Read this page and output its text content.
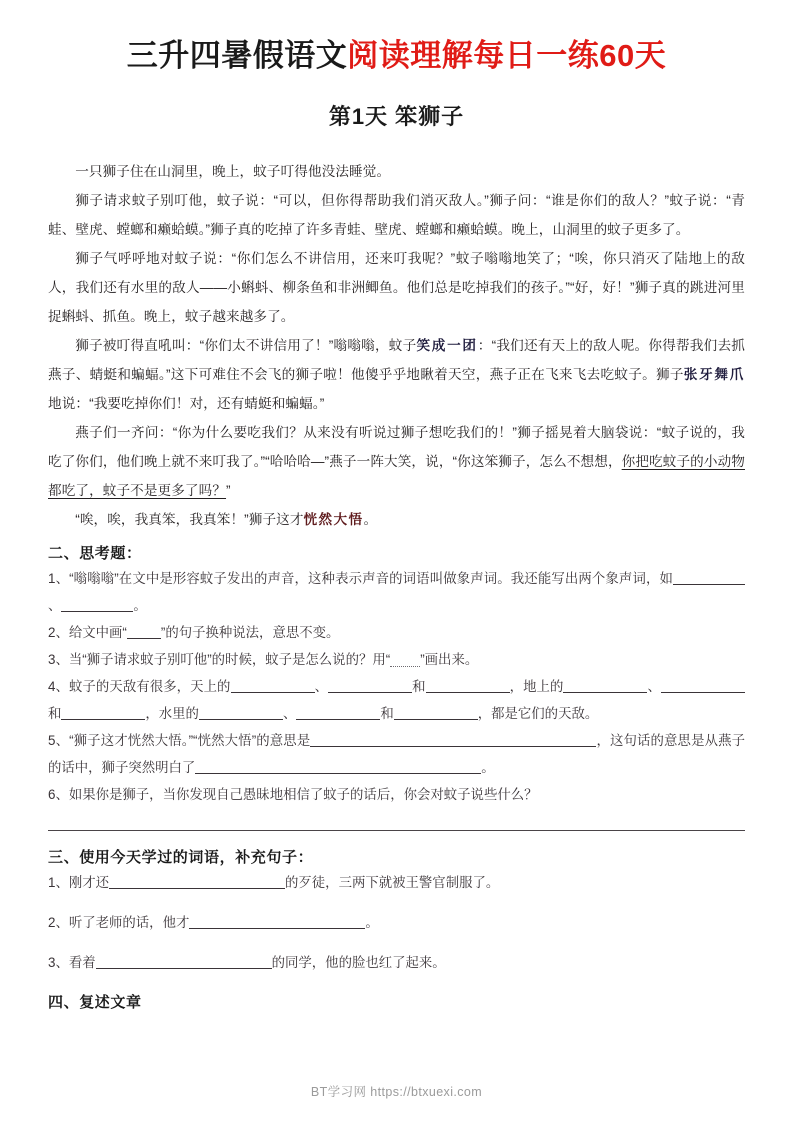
三升四暑假语文阅读理解每日一练60天
第1天 笨狮子

一只狮子住在山洞里，晚上，蚊子叮得他没法睡觉。

狮子请求蚊子别叮他，蚊子说：“可以，但你得帮助我们消灭敌人。”狮子问：“谁是你们的敌人？”蚊子说：“青蛙、壁虎、螳螂和癞蛤蟆。”狮子真的吃掉了许多青蛙、壁虎、螳螂和癞蛤蟆。晚上，山洞里的蚊子更多了。

狮子气呼呼地对蚊子说：“你们怎么不讲信用，还来叮我呢？”蚊子嗡嗡地笑了；“唉，你只消灭了陆地上的敌人，我们还有水里的敌人——小蝌蚪、柳条鱼和非洲鲫鱼。他们总是吃掉我们的孩子。”“好，好！”狮子真的跳进河里捉蝌蚪、抓鱼。晚上，蚊子越来越多了。

狮子被叮得直吼叫：“你们太不讲信用了！”嗡嗡嗡，蚊子笑成一团：“我们还有天上的敌人呢。你得帮我们去抓燕子、蜻蜓和蝙蝠。”这下可难住不会飞的狮子啦！他傻乎乎地瞅着天空，燕子正在飞来飞去吃蚊子。狮子张牙舞爪地说：“我要吃掉你们！对，还有蜻蜓和蝙蝠。”

燕子们一齐问：“你为什么要吃我们？从来没有听说过狮子想吃我们的！”狮子摇晃着大脑袋说：“蚊子说的，我吃了你们，他们晚上就不来叮我了。”“哈哈哈—”燕子一阵大笑，说，“你这笨狮子，怎么不想想，你把吃蚊子的小动物都吃了，蚊子不是更多了吗？”

“唉，唉，我真笨，我真笨！”狮子这才恍然大悟。

二、思考题：

1、“嗡嗡嗡”在文中是形容蚊子发出的声音，这种表示声音的词语叫做象声词。我还能写出两个象声词，如、	。

2、给文中画“	”的句子换种说法，意思不变。

3、当“狮子请求蚊子别叮他”的时候，蚊子是怎么说的？用“ ”画出来。

4、蚊子的天敌有很多，天上的	、	和	，地上的	、和	，水里的	、	和	，都是它们的天敌。

5、“狮子这才恍然大悟。”“恍然大悟”的意思是	，这句话的意思是从燕子的话中，狮子突然明白了	。

6、如果你是狮子，当你发现自己愚昧地相信了蚊子的话后，你会对蚊子说些什么？

三、使用今天学过的词语，补充句子：

1、刚才还	的歹徒，三两下就被王警官制服了。

2、听了老师的话，他才	。

3、看着	的同学，他的脸也红了起来。

四、复述文章
BT学习网 https://btxuexi.com
